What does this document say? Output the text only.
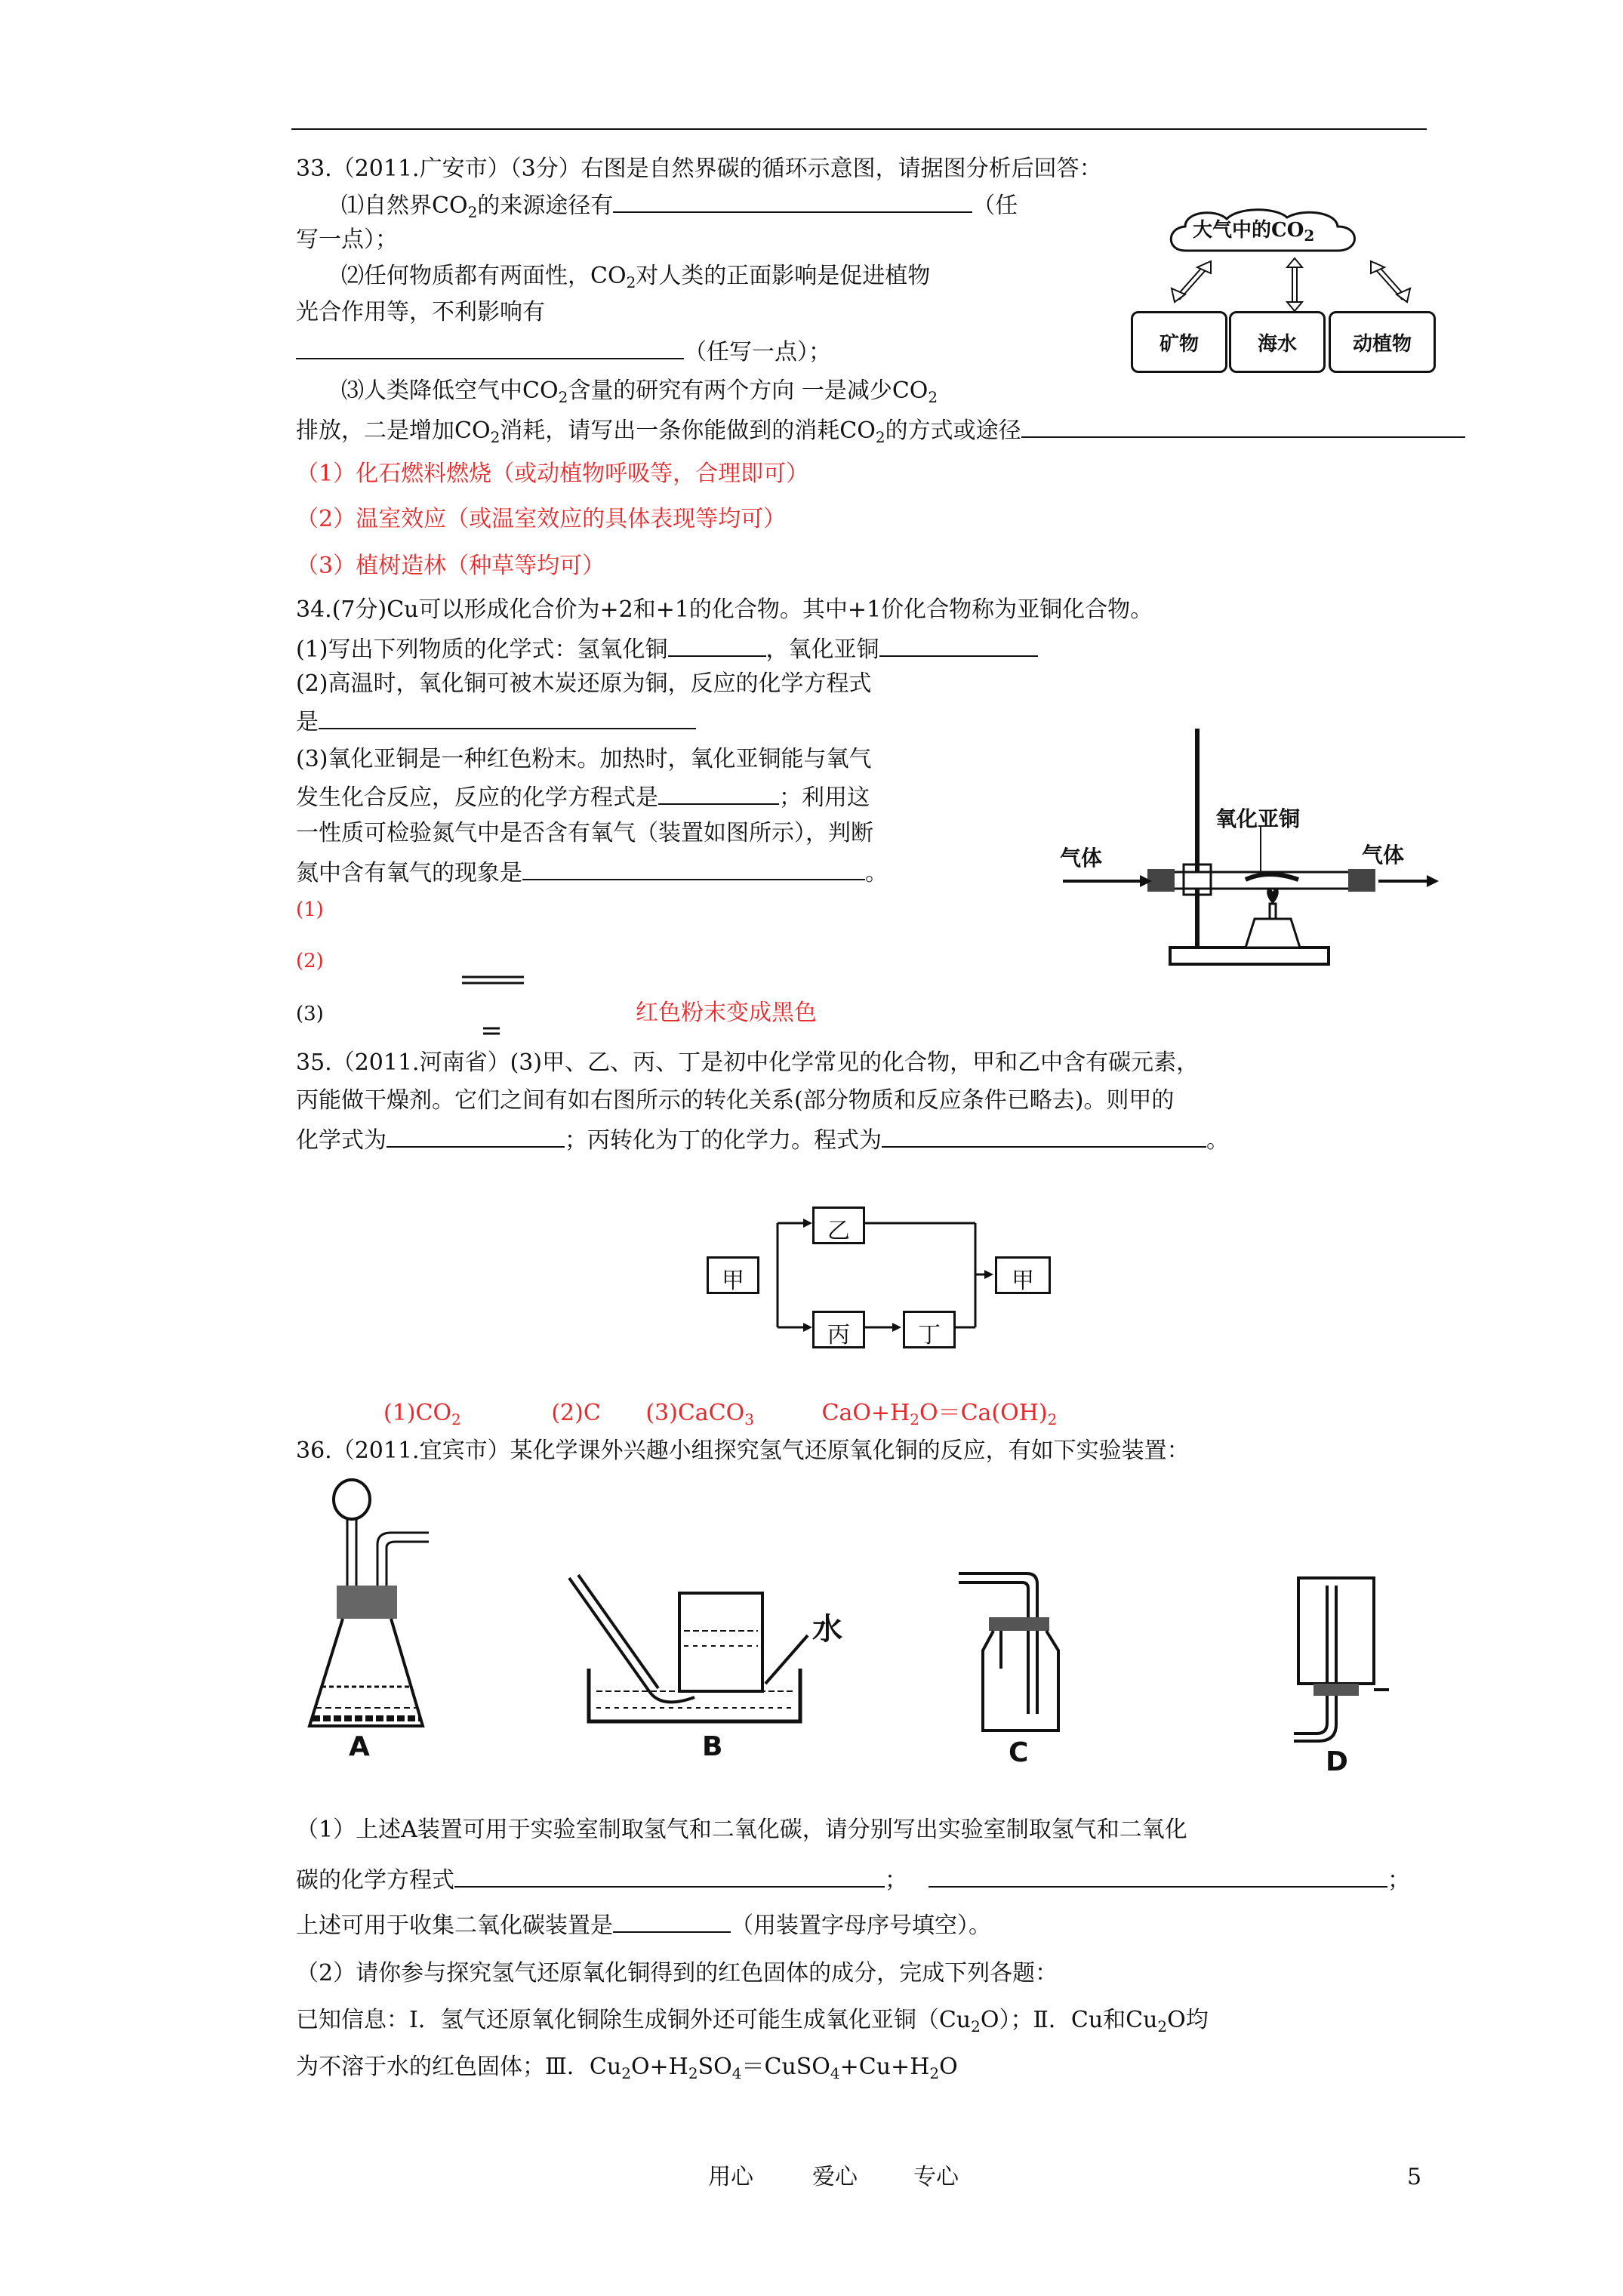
33.（2011.广安市）（3分）右图是自然界碳的循环示意图，请据图分析后回答：
⑴自然界$CO_2$的来源途径有	（任
写一点）；
⑵任何物质都有两面性，$CO_2$对人类的正面影响是促进植物
光合作用等，不利影响有
（任写一点）；
⑶人类降低空气中$CO_2$含量的研究有两个方向 一是减少$CO_2$
排放，二是增加$CO_2$消耗，请写出一条你能做到的消耗$CO_2$的方式或途径
（1）化石燃料燃烧（或动植物呼吸等，合理即可）
（2）温室效应（或温室效应的具体表现等均可）
（3）植树造林（种草等均可）
大气中的$CO_2$
矿物	海水	动植物
34.(7分)Cu可以形成化合价为+2和+1的化合物。其中+1价化合物称为亚铜化合物。
(1)写出下列物质的化学式：氢氧化铜	，氧化亚铜
(2)高温时，氧化铜可被木炭还原为铜，反应的化学方程式
是
(3)氧化亚铜是一种红色粉末。加热时，氧化亚铜能与氧气
发生化合反应，反应的化学方程式是	；利用这
一性质可检验氮气中是否含有氧气（装置如图所示），判断
氮中含有氧气的现象是	。
(1)
(2)
(3)	红色粉末变成黑色
氧化亚铜
气体	气体
35.（2011.河南省）(3)甲、乙、丙、丁是初中化学常见的化合物，甲和乙中含有碳元素，
丙能做干燥剂。它们之间有如右图所示的转化关系(部分物质和反应条件已略去)。则甲的
化学式为	；丙转化为丁的化学力。程式为	。
甲
乙
丙	丁
甲
$(1)CO_2$	(2)C (3)CaCO$_3$	$CaO+H_2O=Ca(OH)_2$
36.（2011.宜宾市）某化学课外兴趣小组探究氢气还原氧化铜的反应，有如下实验装置：
A
水
B	C	D
（1）上述A装置可用于实验室制取氢气和二氧化碳，请分别写出实验室制取氢气和二氧化
碳的化学方程式	；	；
上述可用于收集二氧化碳装置是	（用装置字母序号填空）。
（2）请你参与探究氢气还原氧化铜得到的红色固体的成分，完成下列各题：
已知信息：Ⅰ．氢气还原氧化铜除生成铜外还可能生成氧化亚铜$(Cu_2O)$；Ⅱ．Cu和$Cu_2O$均
为不溶于水的红色固体；Ⅲ．$Cu_2O+H_2SO_4=CuSO_4+Cu+H_2O$
用心	爱心 专心	5
